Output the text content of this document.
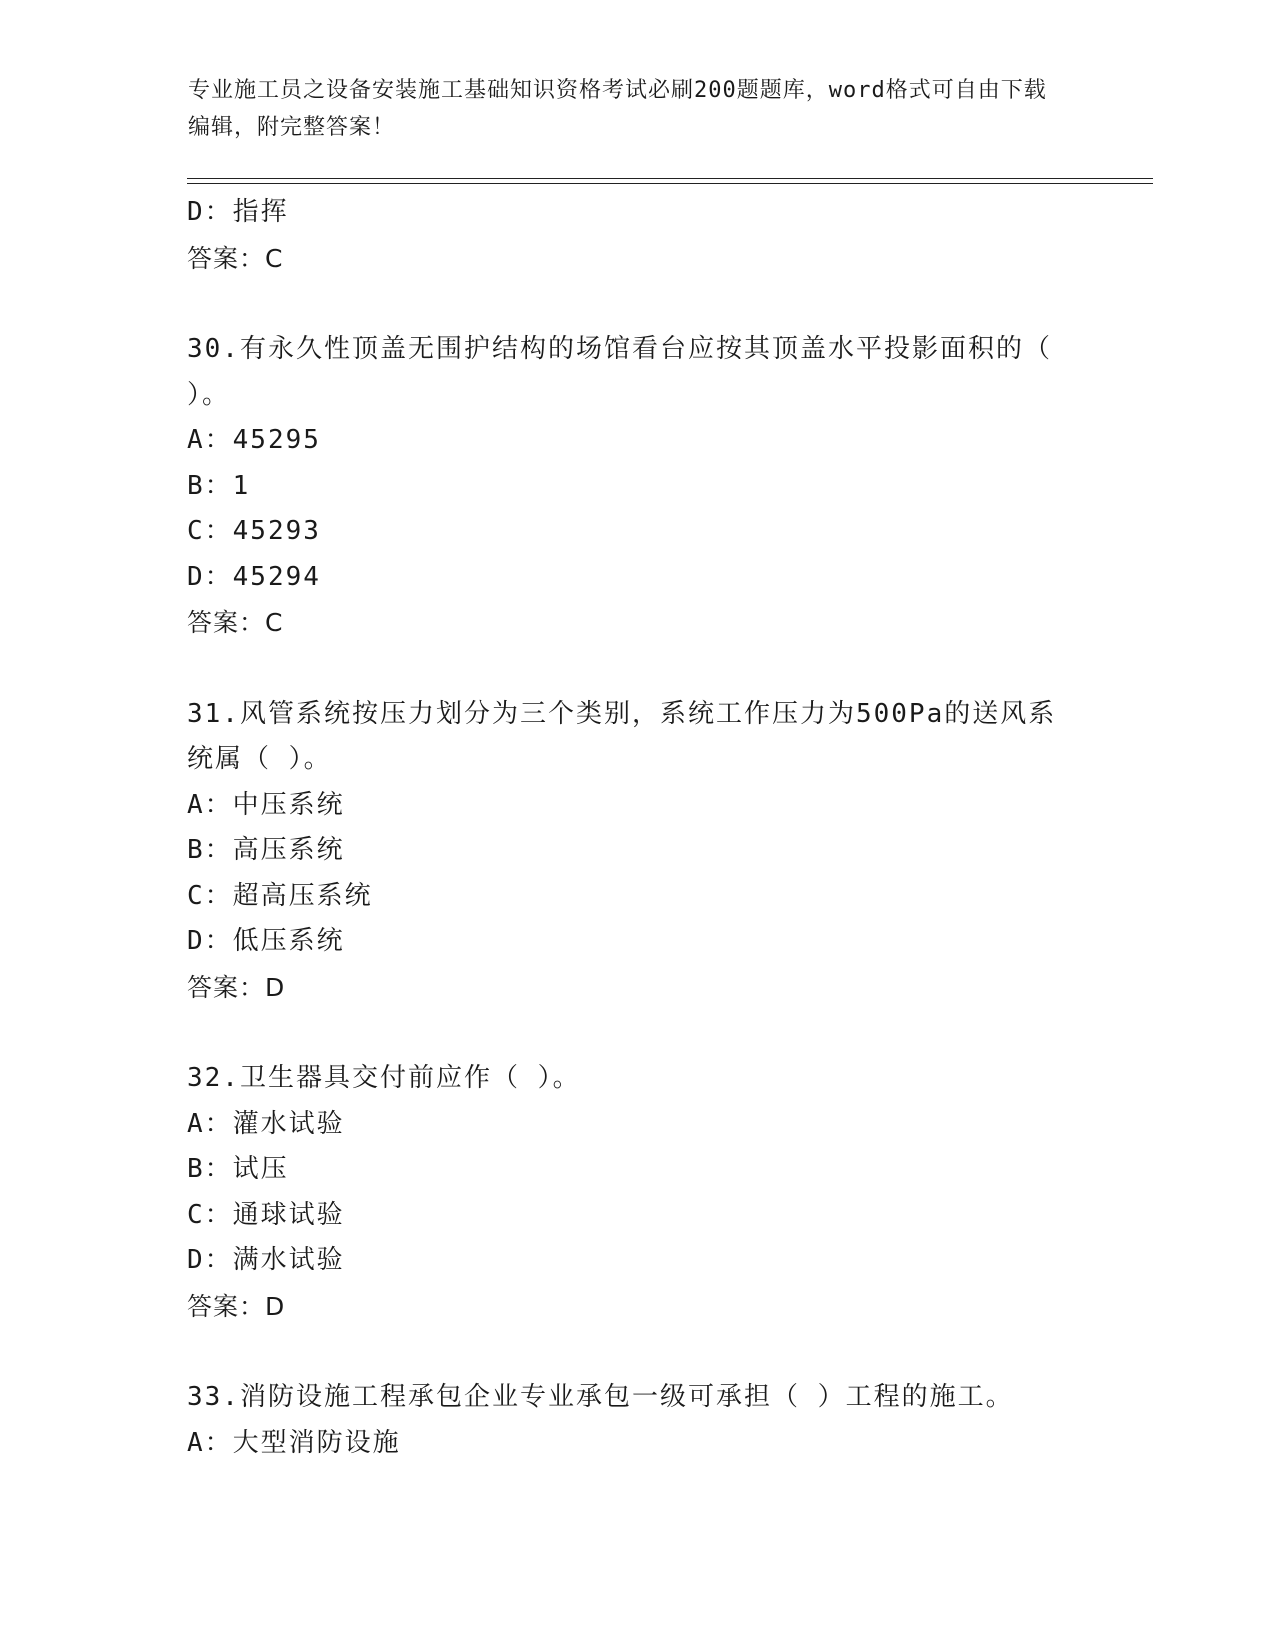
专业施工员之设备安装施工基础知识资格考试必刷200题题库，word格式可自由下载编辑，附完整答案！
D：指挥
答案：C
30.有永久性顶盖无围护结构的场馆看台应按其顶盖水平投影面积的（ ）。
A：45295
B：1
C：45293
D：45294
答案：C
31.风管系统按压力划分为三个类别，系统工作压力为500Pa的送风系统属（ ）。
A：中压系统
B：高压系统
C：超高压系统
D：低压系统
答案：D
32.卫生器具交付前应作（ ）。
A：灌水试验
B：试压
C：通球试验
D：满水试验
答案：D
33.消防设施工程承包企业专业承包一级可承担（ ）工程的施工。
A：大型消防设施
